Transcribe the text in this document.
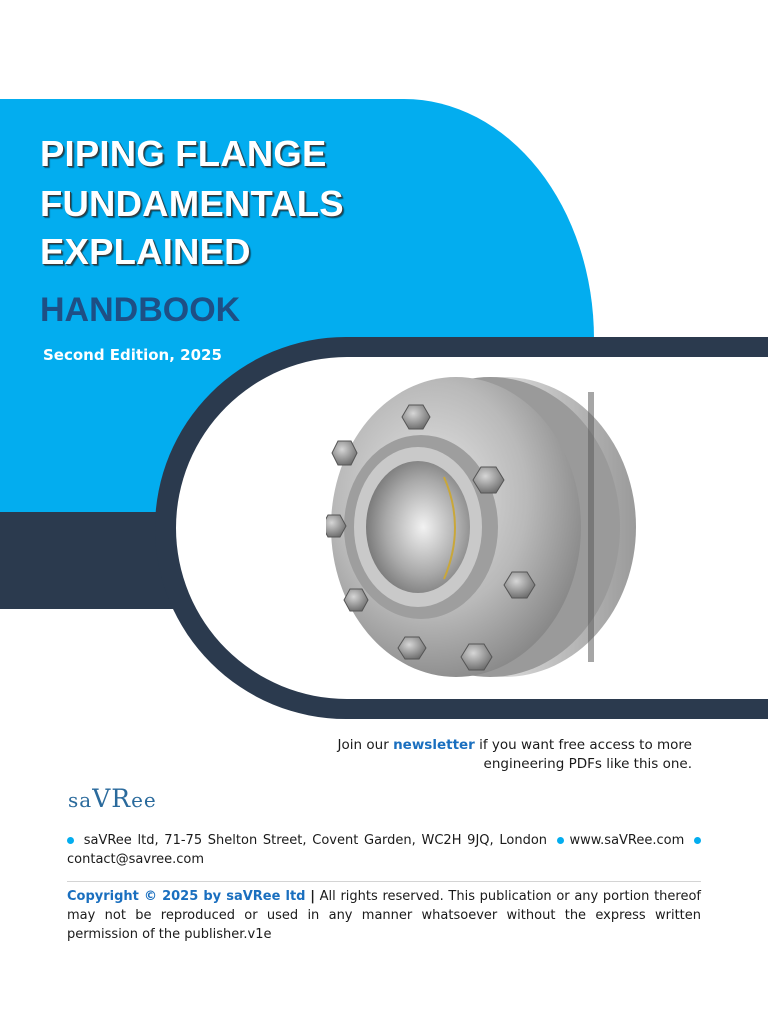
PIPING FLANGE
FUNDAMENTALS
EXPLAINED
HANDBOOK
Second Edition, 2025
Join our newsletter if you want free access to more
engineering PDFs like this one.
saVRee
saVRee ltd, 71-75 Shelton Street, Covent Garden, WC2H 9JQ, London www.saVRee.com  contact@savree.com
Copyright © 2025 by saVRee ltd | All rights reserved. This publication or any portion thereof may not be reproduced or used in any manner whatsoever without the express written permission of the publisher.v1e
